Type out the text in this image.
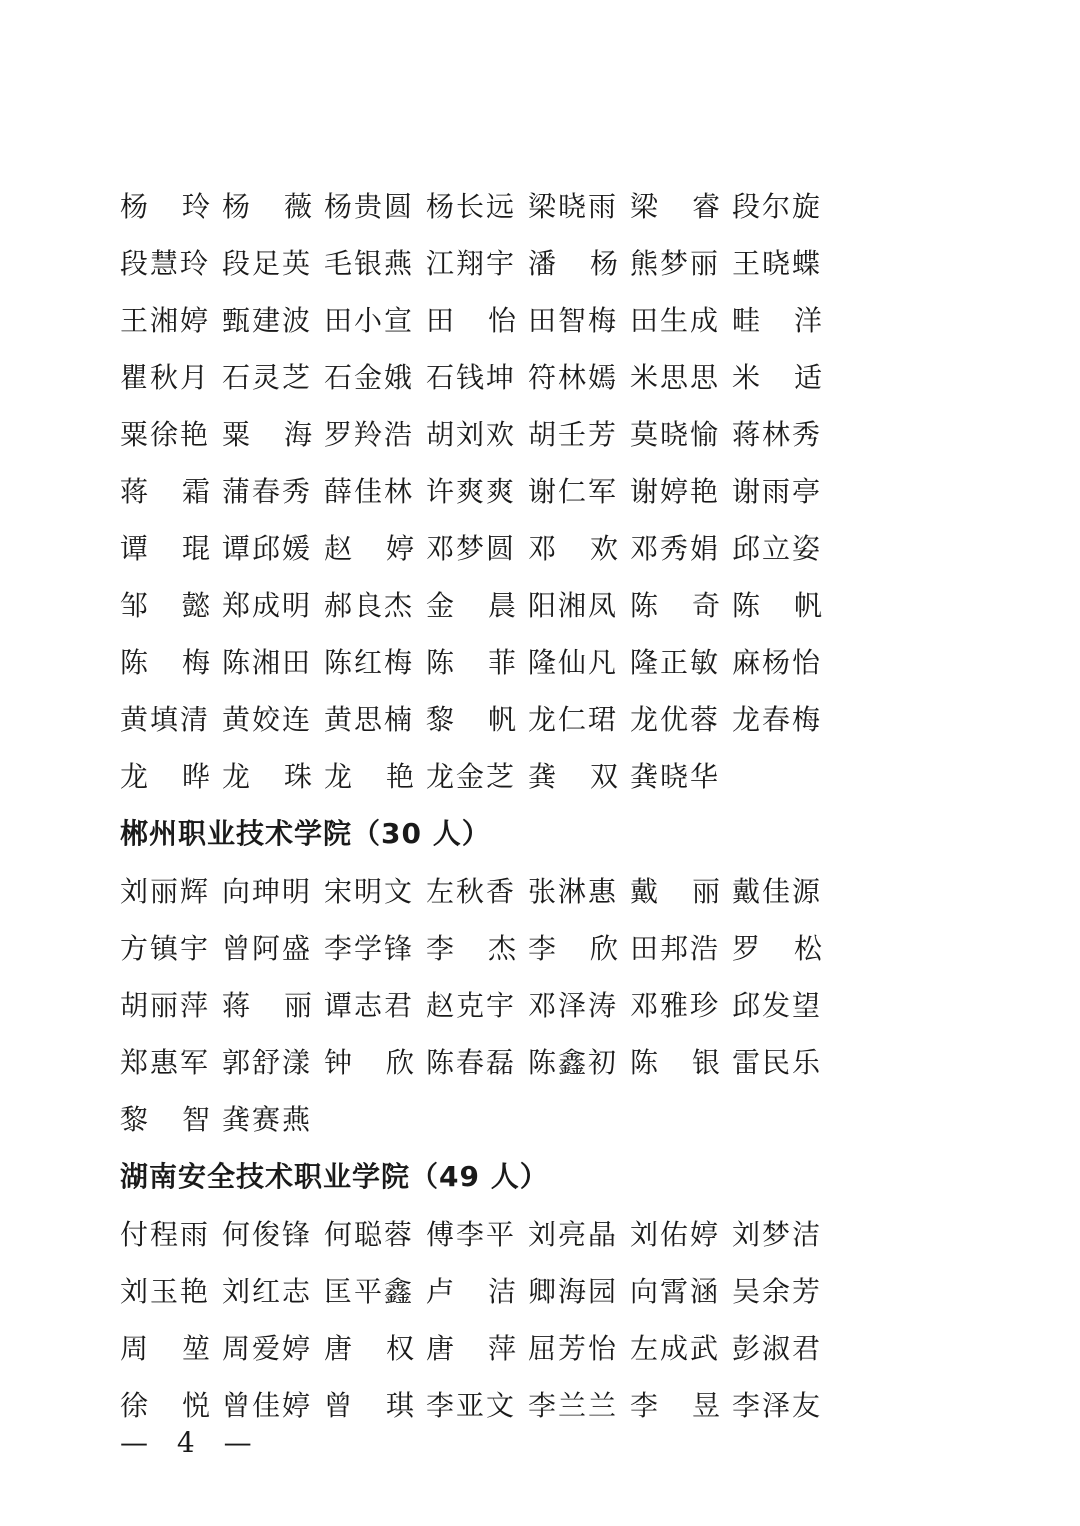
杨 玲 杨 薇 杨贵圆 杨长远 梁晓雨 梁 睿 段尔旋
段慧玲 段足英 毛银燕 江翔宇 潘 杨 熊梦丽 王晓蝶
王湘婷 甄建波 田小宣 田 怡 田智梅 田生成 畦 洋
瞿秋月 石灵芝 石金娥 石钱坤 符林嫣 米思思 米 适
粟徐艳 粟 海 罗羚浩 胡刘欢 胡壬芳 莫晓愉 蒋林秀
蒋 霜 蒲春秀 薛佳林 许爽爽 谢仁军 谢婷艳 谢雨亭
谭 琨 谭邱媛 赵 婷 邓梦圆 邓 欢 邓秀娟 邱立姿
邹 懿 郑成明 郝良杰 金 晨 阳湘凤 陈 奇 陈 帆
陈 梅 陈湘田 陈红梅 陈 菲 隆仙凡 隆正敏 麻杨怡
黄填清 黄姣连 黄思楠 黎 帆 龙仁珺 龙优蓉 龙春梅
龙 晔 龙 珠 龙 艳 龙金芝 龚 双 龚晓华
郴州职业技术学院（30 人）
刘丽辉 向珅明 宋明文 左秋香 张淋惠 戴 丽 戴佳源
方镇宇 曾阿盛 李学锋 李 杰 李 欣 田邦浩 罗 松
胡丽萍 蒋 丽 谭志君 赵克宇 邓泽涛 邓雅珍 邱发望
郑惠军 郭舒漾 钟 欣 陈春磊 陈鑫初 陈 银 雷民乐
黎 智 龚赛燕
湖南安全技术职业学院（49 人）
付程雨 何俊锋 何聪蓉 傅李平 刘亮晶 刘佑婷 刘梦洁
刘玉艳 刘红志 匡平鑫 卢 洁 卿海园 向霄涵 吴余芳
周 堃 周爱婷 唐 权 唐 萍 屈芳怡 左成武 彭淑君
徐 悦 曾佳婷 曾 琪 李亚文 李兰兰 李 昱 李泽友
— 4 —
